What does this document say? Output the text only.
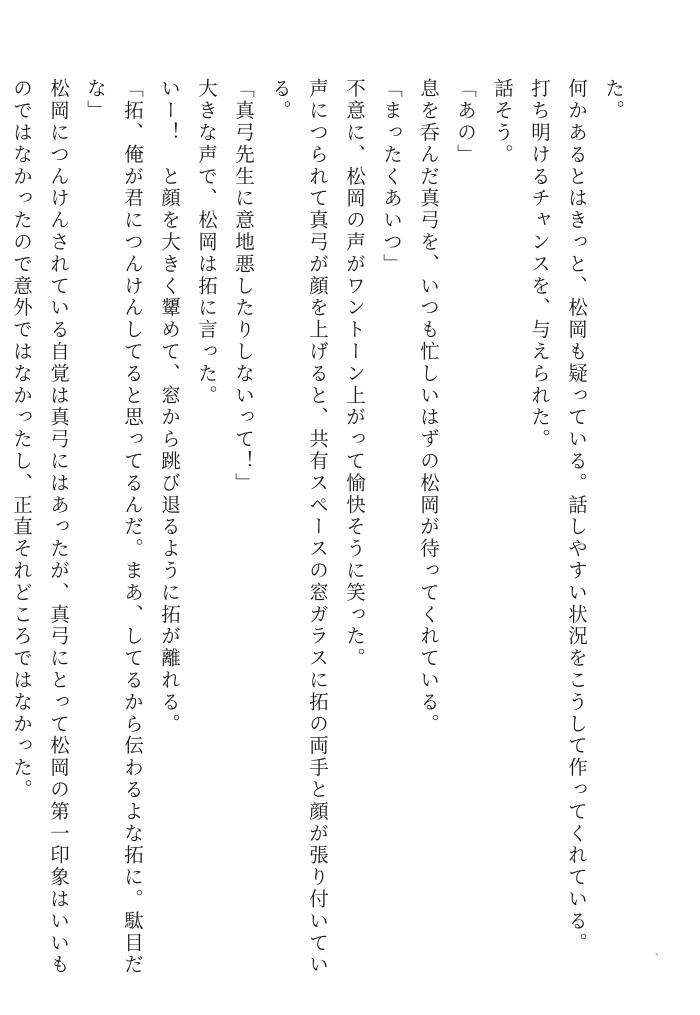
た。
何かあるとはきっと、松岡も疑っている。話しやすい状況をこうして作ってくれている。
打ち明けるチャンスを、与えられた。
話そう。
「あの」
息を呑んだ真弓を、いつも忙しいはずの松岡が待ってくれている。
「まったくあいつ」
不意に、松岡の声がワントーン上がって愉快そうに笑った。
声につられて真弓が顔を上げると、共有スペースの窓ガラスに拓の両手と顔が張り付いてい
る。
「真弓先生に意地悪したりしないって！」
大きな声で、松岡は拓に言った。
いー！　と顔を大きく顰めて、窓から跳び退るように拓が離れる。
「拓、俺が君につんけんしてると思ってるんだ。まあ、してるから伝わるよな拓に。駄目だ
な」
松岡につんけんされている自覚は真弓にはあったが、真弓にとって松岡の第一印象はいいも
のではなかったので意外ではなかったし、正直それどころではなかった。
、
